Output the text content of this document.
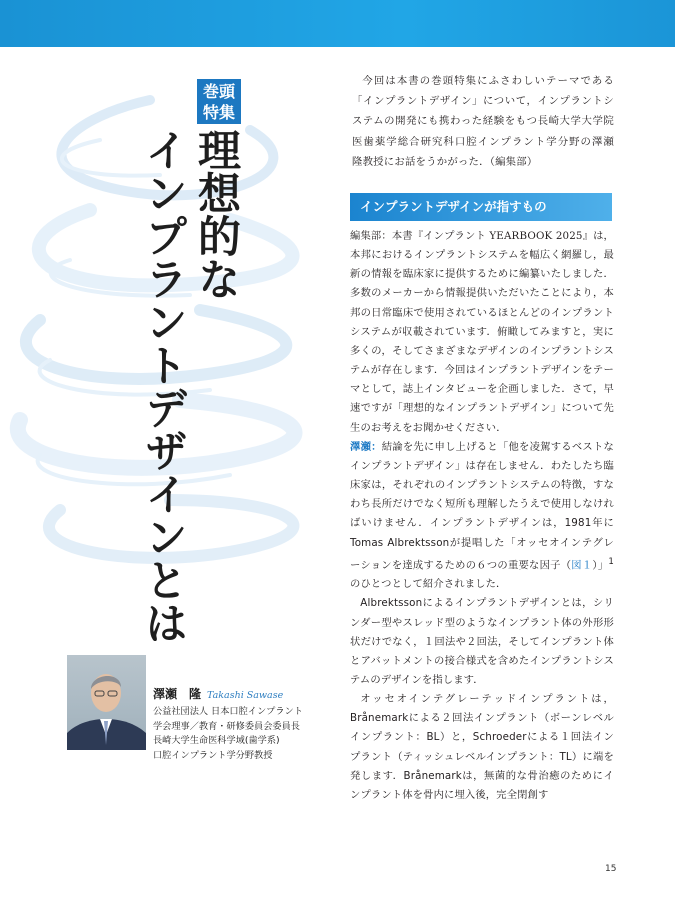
巻頭
特集
理想的な
インプラントデザインとは
澤瀬　隆 Takashi Sawase
公益社団法人 日本口腔インプラント
学会理事／教育・研修委員会委員長
長崎大学生命医科学域(歯学系)
口腔インプラント学分野教授
今回は本書の巻頭特集にふさわしいテーマである「インプラントデザイン」について，インプラントシステムの開発にも携わった経験をもつ長崎大学大学院医歯薬学総合研究科口腔インプラント学分野の澤瀬　隆教授にお話をうかがった．（編集部）
インプラントデザインが指すもの

編集部：本書『インプラント YEARBOOK 2025』は，本邦におけるインプラントシステムを幅広く網羅し，最新の情報を臨床家に提供するために編纂いたしました．多数のメーカーから情報提供いただいたことにより，本邦の日常臨床で使用されているほとんどのインプラントシステムが収載されています．俯瞰してみますと，実に多くの，そしてさまざまなデザインのインプラントシステムが存在します．今回はインプラントデザインをテーマとして，誌上インタビューを企画しました．さて，早速ですが「理想的なインプラントデザイン」について先生のお考えをお聞かせください．

澤瀬：結論を先に申し上げると「他を凌駕するベストなインプラントデザイン」は存在しません．わたしたち臨床家は，それぞれのインプラントシステムの特徴，すなわち長所だけでなく短所も理解したうえで使用しなければいけません．インプラントデザインは，1981年にTomas Albrektssonが提唱した「オッセオインテグレーションを達成するための６つの重要な因子（図１）」$^1$のひとつとして紹介されました．

Albrektssonによるインプラントデザインとは，シリンダー型やスレッド型のようなインプラント体の外形形状だけでなく，１回法や２回法，そしてインプラント体とアバットメントの接合様式を含めたインプラントシステムのデザインを指します．

オッセオインテグレーテッドインプラントは，Brånemarkによる２回法インプラント（ボーンレベルインプラント：BL）と，Schroederによる１回法インプラント（ティッシュレベルインプラント：TL）に端を発します．Brånemarkは，無菌的な骨治癒のためにインプラント体を骨内に埋入後，完全閉創す

15
